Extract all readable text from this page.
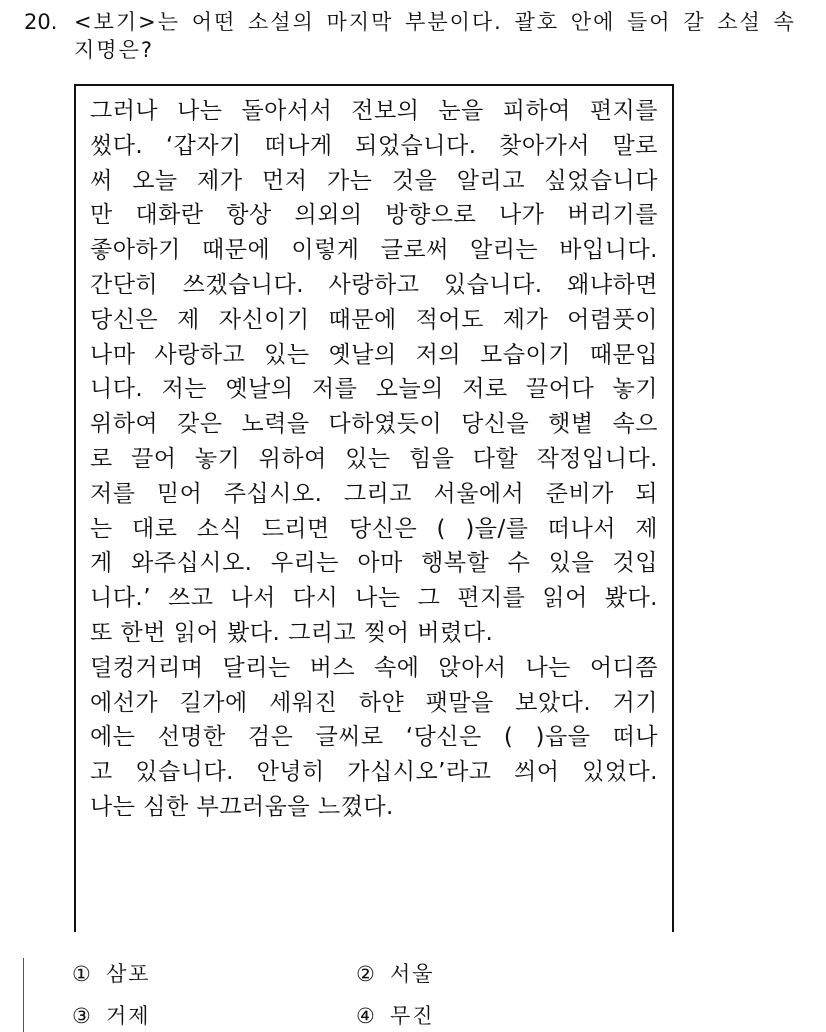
20. <보기>는 어떤 소설의 마지막 부분이다. 괄호 안에 들어 갈 소설 속 지명은?
그러나 나는 돌아서서 전보의 눈을 피하여 편지를
썼다. ‘갑자기 떠나게 되었습니다. 찾아가서 말로
써 오늘 제가 먼저 가는 것을 알리고 싶었습니다
만 대화란 항상 의외의 방향으로 나가 버리기를
좋아하기 때문에 이렇게 글로써 알리는 바입니다.
간단히 쓰겠습니다. 사랑하고 있습니다. 왜냐하면
당신은 제 자신이기 때문에 적어도 제가 어렴풋이
나마 사랑하고 있는 옛날의 저의 모습이기 때문입
니다. 저는 옛날의 저를 오늘의 저로 끌어다 놓기
위하여 갖은 노력을 다하였듯이 당신을 햇볕 속으
로 끌어 놓기 위하여 있는 힘을 다할 작정입니다.
저를 믿어 주십시오. 그리고 서울에서 준비가 되
는 대로 소식 드리면 당신은 ( )을/를 떠나서 제
게 와주십시오. 우리는 아마 행복할 수 있을 것입
니다.’ 쓰고 나서 다시 나는 그 편지를 읽어 봤다.
또 한번 읽어 봤다. 그리고 찢어 버렸다.
덜컹거리며 달리는 버스 속에 앉아서 나는 어디쯤
에선가 길가에 세워진 하얀 팻말을 보았다. 거기
에는 선명한 검은 글씨로 ‘당신은 ( )읍을 떠나
고 있습니다. 안녕히 가십시오’라고 씌어 있었다.
나는 심한 부끄러움을 느꼈다.
① 삼포	② 서울
③ 거제	④ 무진
